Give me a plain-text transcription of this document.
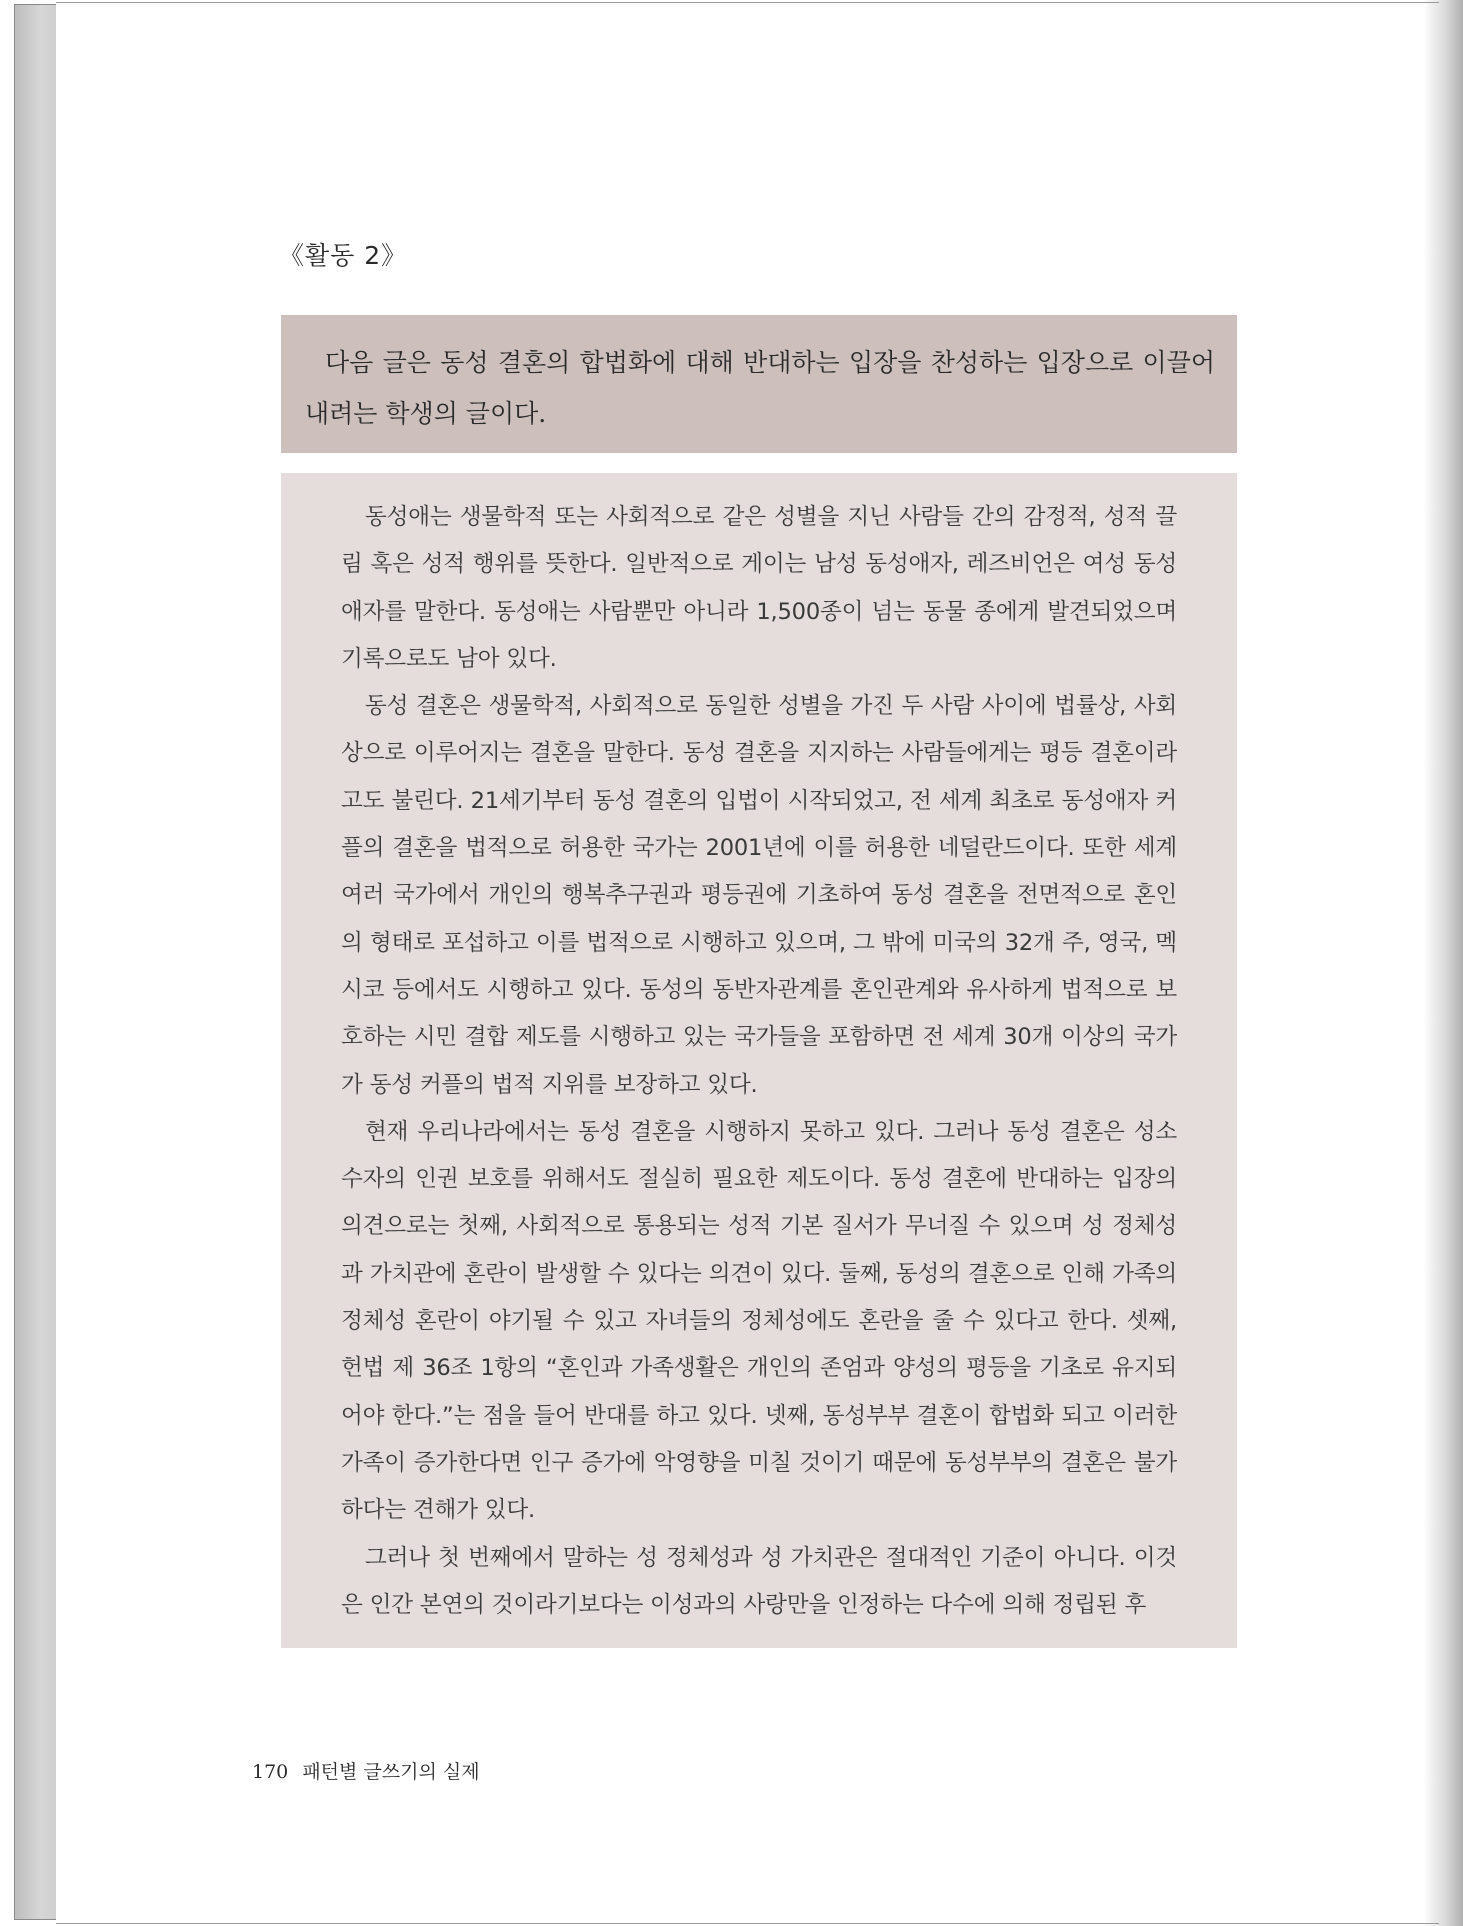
《활동 2》

다음 글은 동성 결혼의 합법화에 대해 반대하는 입장을 찬성하는 입장으로 이끌어 내려는 학생의 글이다.

동성애는 생물학적 또는 사회적으로 같은 성별을 지닌 사람들 간의 감정적, 성적 끌림 혹은 성적 행위를 뜻한다. 일반적으로 게이는 남성 동성애자, 레즈비언은 여성 동성애자를 말한다. 동성애는 사람뿐만 아니라 1,500종이 넘는 동물 종에게 발견되었으며 기록으로도 남아 있다.

동성 결혼은 생물학적, 사회적으로 동일한 성별을 가진 두 사람 사이에 법률상, 사회상으로 이루어지는 결혼을 말한다. 동성 결혼을 지지하는 사람들에게는 평등 결혼이라고도 불린다. 21세기부터 동성 결혼의 입법이 시작되었고, 전 세계 최초로 동성애자 커플의 결혼을 법적으로 허용한 국가는 2001년에 이를 허용한 네덜란드이다. 또한 세계 여러 국가에서 개인의 행복추구권과 평등권에 기초하여 동성 결혼을 전면적으로 혼인의 형태로 포섭하고 이를 법적으로 시행하고 있으며, 그 밖에 미국의 32개 주, 영국, 멕시코 등에서도 시행하고 있다. 동성의 동반자관계를 혼인관계와 유사하게 법적으로 보호하는 시민 결합 제도를 시행하고 있는 국가들을 포함하면 전 세계 30개 이상의 국가가 동성 커플의 법적 지위를 보장하고 있다.

현재 우리나라에서는 동성 결혼을 시행하지 못하고 있다. 그러나 동성 결혼은 성소수자의 인권 보호를 위해서도 절실히 필요한 제도이다. 동성 결혼에 반대하는 입장의 의견으로는 첫째, 사회적으로 통용되는 성적 기본 질서가 무너질 수 있으며 성 정체성과 가치관에 혼란이 발생할 수 있다는 의견이 있다. 둘째, 동성의 결혼으로 인해 가족의 정체성 혼란이 야기될 수 있고 자녀들의 정체성에도 혼란을 줄 수 있다고 한다. 셋째, 헌법 제 36조 1항의 “혼인과 가족생활은 개인의 존엄과 양성의 평등을 기초로 유지되어야 한다.”는 점을 들어 반대를 하고 있다. 넷째, 동성부부 결혼이 합법화 되고 이러한 가족이 증가한다면 인구 증가에 악영향을 미칠 것이기 때문에 동성부부의 결혼은 불가하다는 견해가 있다.

그러나 첫 번째에서 말하는 성 정체성과 성 가치관은 절대적인 기준이 아니다. 이것은 인간 본연의 것이라기보다는 이성과의 사랑만을 인정하는 다수에 의해 정립된 후

170 패턴별 글쓰기의 실제
